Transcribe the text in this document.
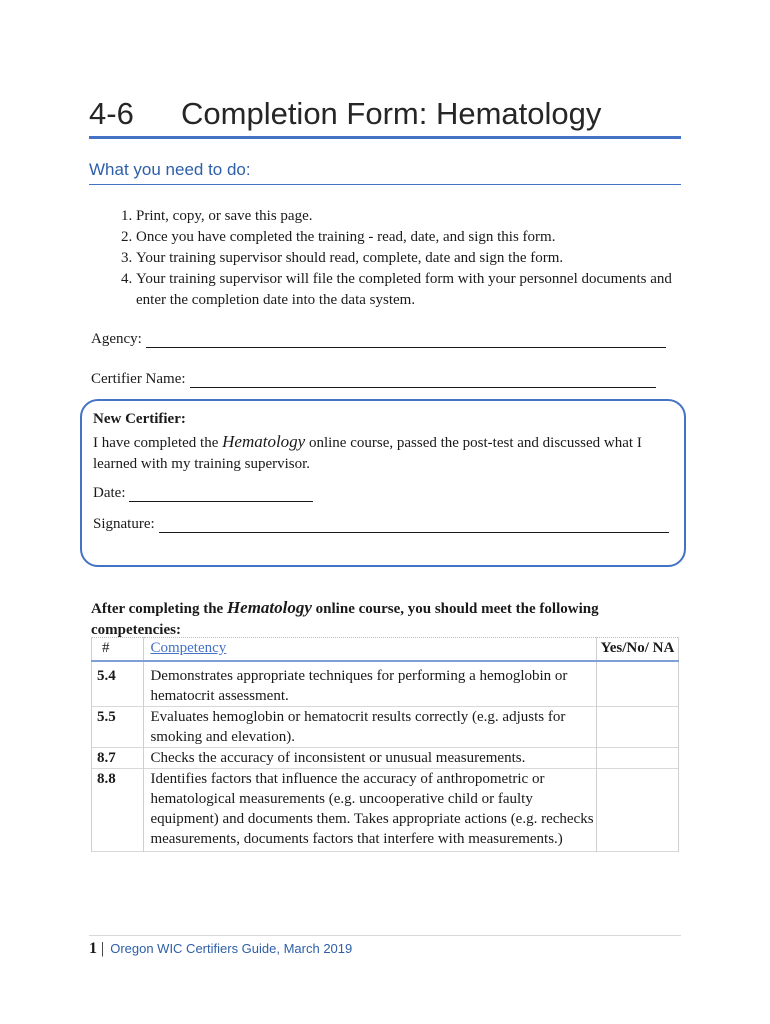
4-6 Completion Form: Hematology
What you need to do:
1. Print, copy, or save this page.
2. Once you have completed the training - read, date, and sign this form.
3. Your training supervisor should read, complete, date and sign the form.
4. Your training supervisor will file the completed form with your personnel documents and enter the completion date into the data system.
Agency:
Certifier Name:
New Certifier:
I have completed the Hematology online course, passed the post-test and discussed what I learned with my training supervisor.
Date:
Signature:
After completing the Hematology online course, you should meet the following competencies:
#	Competency	Yes/No/ NA
5.4	Demonstrates appropriate techniques for performing a hemoglobin or hematocrit assessment.	
5.5	Evaluates hemoglobin or hematocrit results correctly (e.g. adjusts for smoking and elevation).	
8.7	Checks the accuracy of inconsistent or unusual measurements.	
8.8	Identifies factors that influence the accuracy of anthropometric or hematological measurements (e.g. uncooperative child or faulty equipment) and documents them. Takes appropriate actions (e.g. rechecks measurements, documents factors that interfere with measurements.)	
1 | Oregon WIC Certifiers Guide, March 2019
